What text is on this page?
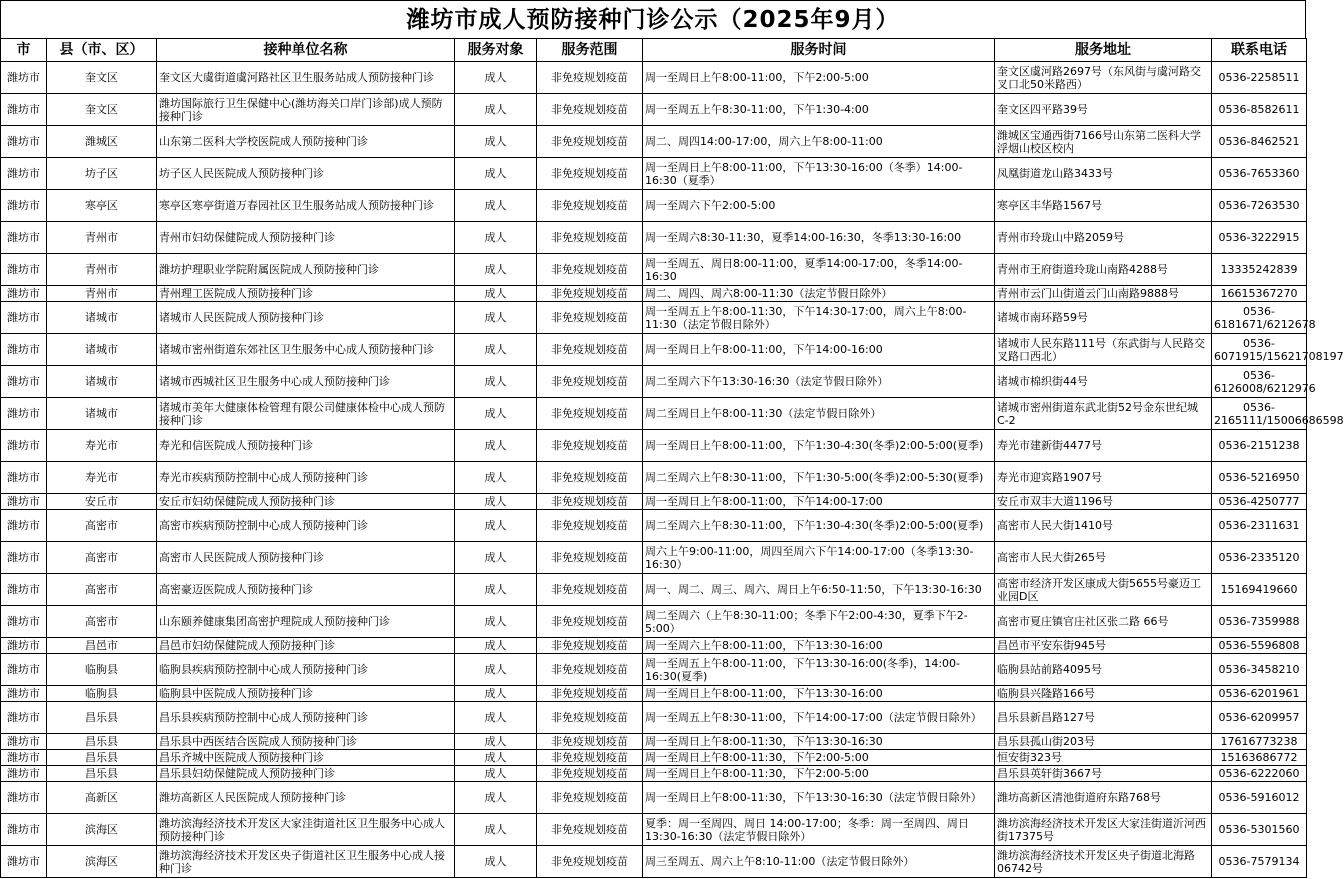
潍坊市成人预防接种门诊公示（2025年9月）
市	县（市、区）	接种单位名称	服务对象	服务范围	服务时间	服务地址	联系电话

潍坊市	奎文区	奎文区大虞街道虞河路社区卫生服务站成人预防接种门诊	成人	非免疫规划疫苗	周一至周日上午8:00-11:00，下午2:00-5:00	奎文区虞河路2697号（东风街与虞河路交叉口北50米路西）	0536-2258511

潍坊市	奎文区	潍坊国际旅行卫生保健中心(潍坊海关口岸门诊部)成人预防接种门诊	成人	非免疫规划疫苗	周一至周五上午8:30-11:00，下午1:30-4:00	奎文区四平路39号	0536-8582611

潍坊市	潍城区	山东第二医科大学校医院成人预防接种门诊	成人	非免疫规划疫苗	周二、周四14:00-17:00，周六上午8:00-11:00	潍城区宝通西街7166号山东第二医科大学浮烟山校区校内	0536-8462521

潍坊市	坊子区	坊子区人民医院成人预防接种门诊	成人	非免疫规划疫苗	周一至周日上午8:00-11:00，下午13:30-16:00（冬季）14:00-16:30（夏季）	凤凰街道龙山路3433号	0536-7653360

潍坊市	寒亭区	寒亭区寒亭街道万春园社区卫生服务站成人预防接种门诊	成人	非免疫规划疫苗	周一至周六下午2:00-5:00	寒亭区丰华路1567号	0536-7263530

潍坊市	青州市	青州市妇幼保健院成人预防接种门诊	成人	非免疫规划疫苗	周一至周六8:30-11:30，夏季14:00-16:30，冬季13:30-16:00	青州市玲珑山中路2059号	0536-3222915

潍坊市	青州市	潍坊护理职业学院附属医院成人预防接种门诊	成人	非免疫规划疫苗	周一至周五、周日8:00-11:00，夏季14:00-17:00，冬季14:00-16:30	青州市王府街道玲珑山南路4288号	13335242839

潍坊市	青州市	青州理工医院成人预防接种门诊	成人	非免疫规划疫苗	周二、周四、周六8:00-11:30（法定节假日除外）	青州市云门山街道云门山南路9888号	16615367270

潍坊市	诸城市	诸城市人民医院成人预防接种门诊	成人	非免疫规划疫苗	周一至周五上午8:00-11:30，下午14:30-17:00，周六上午8:00-11:30（法定节假日除外）	诸城市南环路59号	0536-6181671/6212678

潍坊市	诸城市	诸城市密州街道东郊社区卫生服务中心成人预防接种门诊	成人	非免疫规划疫苗	周一至周日上午8:00-11:00，下午14:00-16:00	诸城市人民东路111号（东武街与人民路交叉路口西北）	0536-6071915/15621708197

潍坊市	诸城市	诸城市西城社区卫生服务中心成人预防接种门诊	成人	非免疫规划疫苗	周二至周六下午13:30-16:30（法定节假日除外）	诸城市棉织街44号	0536-6126008/6212976

潍坊市	诸城市	诸城市美年大健康体检管理有限公司健康体检中心成人预防接种门诊	成人	非免疫规划疫苗	周二至周日上午8:00-11:30（法定节假日除外）	诸城市密州街道东武北街52号金东世纪城C-2	0536-2165111/15006686598

潍坊市	寿光市	寿光和信医院成人预防接种门诊	成人	非免疫规划疫苗	周一至周日上午8:00-11:00，下午1:30-4:30(冬季)2:00-5:00(夏季)	寿光市建新街4477号	0536-2151238

潍坊市	寿光市	寿光市疾病预防控制中心成人预防接种门诊	成人	非免疫规划疫苗	周二至周六上午8:30-11:00，下午1:30-5:00(冬季)2:00-5:30(夏季)	寿光市迎宾路1907号	0536-5216950

潍坊市	安丘市	安丘市妇幼保健院成人预防接种门诊	成人	非免疫规划疫苗	周一至周日上午8:00-11:00，下午14:00-17:00	安丘市双丰大道1196号	0536-4250777

潍坊市	高密市	高密市疾病预防控制中心成人预防接种门诊	成人	非免疫规划疫苗	周二至周六上午8:30-11:00，下午1:30-4:30(冬季)2:00-5:00(夏季)	高密市人民大街1410号	0536-2311631

潍坊市	高密市	高密市人民医院成人预防接种门诊	成人	非免疫规划疫苗	周六上午9:00-11:00，周四至周六下午14:00-17:00（冬季13:30-16:30）	高密市人民大街265号	0536-2335120

潍坊市	高密市	高密豪迈医院成人预防接种门诊	成人	非免疫规划疫苗	周一、周二、周三、周六、周日上午6:50-11:50，下午13:30-16:30	高密市经济开发区康成大街5655号豪迈工业园D区	15169419660

潍坊市	高密市	山东颐养健康集团高密护理院成人预防接种门诊	成人	非免疫规划疫苗	周二至周六（上午8:30-11:00；冬季下午2:00-4:30，夏季下午2-5:00）	高密市夏庄镇官庄社区张二路 66号	0536-7359988

潍坊市	昌邑市	昌邑市妇幼保健院成人预防接种门诊	成人	非免疫规划疫苗	周一至周六上午8:00-11:00，下午13:30-16:00	昌邑市平安东街945号	0536-5596808

潍坊市	临朐县	临朐县疾病预防控制中心成人预防接种门诊	成人	非免疫规划疫苗	周一至周五上午8:00-11:00，下午13:30-16:00(冬季)，14:00-16:30(夏季)	临朐县站前路4095号	0536-3458210

潍坊市	临朐县	临朐县中医院成人预防接种门诊	成人	非免疫规划疫苗	周一至周日上午8:00-11:00，下午13:30-16:00	临朐县兴隆路166号	0536-6201961

潍坊市	昌乐县	昌乐县疾病预防控制中心成人预防接种门诊	成人	非免疫规划疫苗	周一至周五上午8:30-11:00，下午14:00-17:00（法定节假日除外）	昌乐县新昌路127号	0536-6209957

潍坊市	昌乐县	昌乐县中西医结合医院成人预防接种门诊	成人	非免疫规划疫苗	周一至周日上午8:00-11:30，下午13:30-16:30	昌乐县孤山街203号	17616773238

潍坊市	昌乐县	昌乐齐城中医院成人预防接种门诊	成人	非免疫规划疫苗	周一至周日上午8:00-11:30，下午2:00-5:00	恒安街323号	15163686772

潍坊市	昌乐县	昌乐县妇幼保健院成人预防接种门诊	成人	非免疫规划疫苗	周一至周日上午8:00-11:30，下午2:00-5:00	昌乐县英轩街3667号	0536-6222060

潍坊市	高新区	潍坊高新区人民医院成人预防接种门诊	成人	非免疫规划疫苗	周一至周日上午8:00-11:30，下午13:30-16:30（法定节假日除外）	潍坊高新区清池街道府东路768号	0536-5916012

潍坊市	滨海区	潍坊滨海经济技术开发区大家洼街道社区卫生服务中心成人预防接种门诊	成人	非免疫规划疫苗	夏季：周一至周四、周日 14:00-17:00；冬季：周一至周四、周日 13:30-16:30（法定节假日除外）	潍坊滨海经济技术开发区大家洼街道沂河西街17375号	0536-5301560

潍坊市	滨海区	潍坊滨海经济技术开发区央子街道社区卫生服务中心成人接种门诊	成人	非免疫规划疫苗	周三至周五、周六上午8:10-11:00（法定节假日除外）	潍坊滨海经济技术开发区央子街道北海路06742号	0536-7579134
